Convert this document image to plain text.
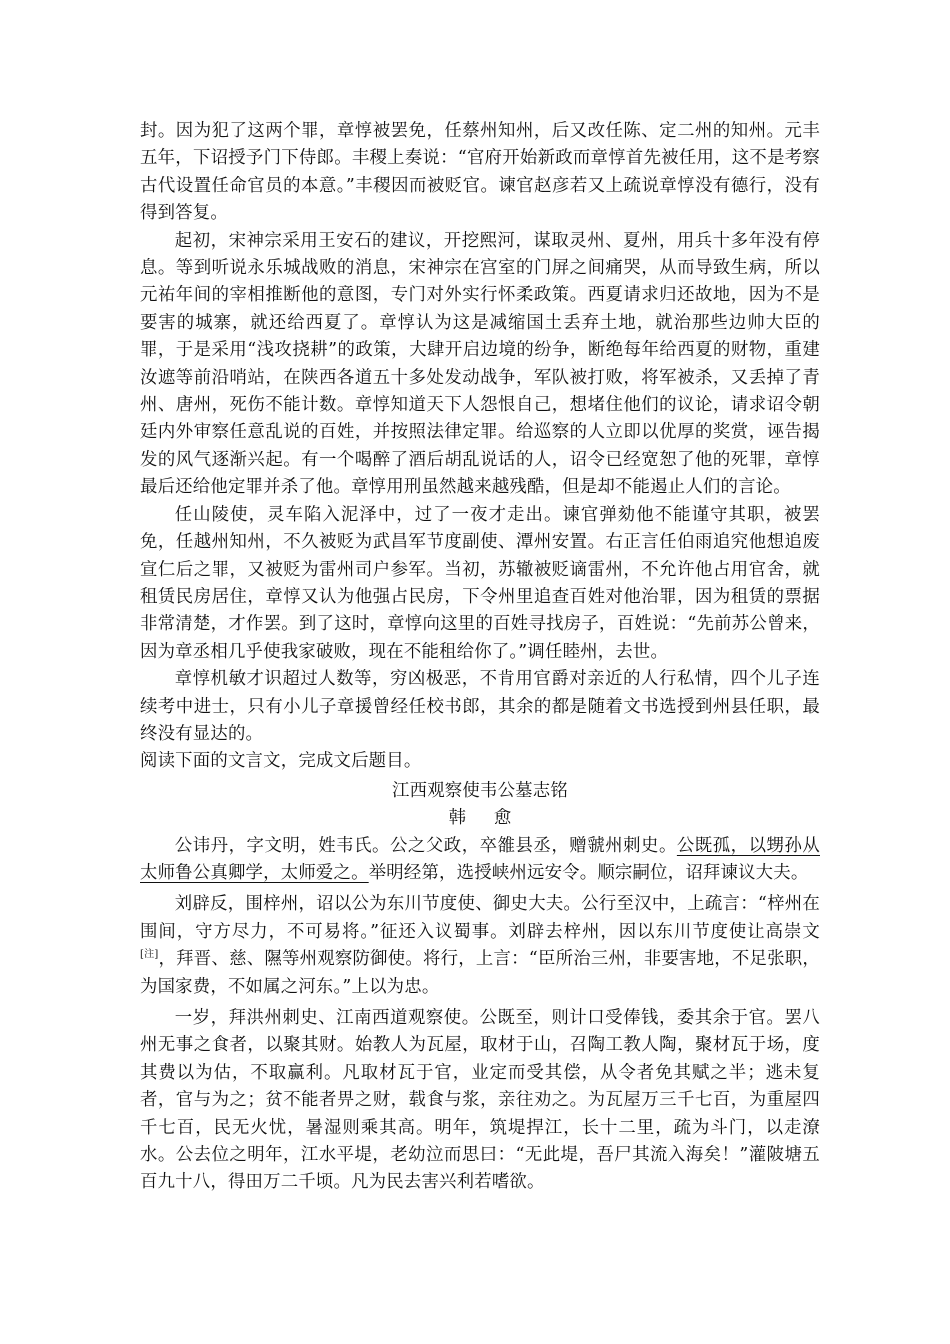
封。因为犯了这两个罪，章惇被罢免，任蔡州知州，后又改任陈、定二州的知州。元丰五年，下诏授予门下侍郎。丰稷上奏说：“官府开始新政而章惇首先被任用，这不是考察古代设置任命官员的本意。”丰稷因而被贬官。谏官赵彦若又上疏说章惇没有德行，没有得到答复。

起初，宋神宗采用王安石的建议，开挖熙河，谋取灵州、夏州，用兵十多年没有停息。等到听说永乐城战败的消息，宋神宗在宫室的门屏之间痛哭，从而导致生病，所以元祐年间的宰相推断他的意图，专门对外实行怀柔政策。西夏请求归还故地，因为不是要害的城寨，就还给西夏了。章惇认为这是减缩国土丢弃土地，就治那些边帅大臣的罪，于是采用“浅攻挠耕”的政策，大肆开启边境的纷争，断绝每年给西夏的财物，重建汝遮等前沿哨站，在陕西各道五十多处发动战争，军队被打败，将军被杀，又丢掉了青州、唐州，死伤不能计数。章惇知道天下人怨恨自己，想堵住他们的议论，请求诏令朝廷内外审察任意乱说的百姓，并按照法律定罪。给巡察的人立即以优厚的奖赏，诬告揭发的风气逐渐兴起。有一个喝醉了酒后胡乱说话的人，诏令已经宽恕了他的死罪，章惇最后还给他定罪并杀了他。章惇用刑虽然越来越残酷，但是却不能遏止人们的言论。

任山陵使，灵车陷入泥泽中，过了一夜才走出。谏官弹劾他不能谨守其职，被罢免，任越州知州，不久被贬为武昌军节度副使、潭州安置。右正言任伯雨追究他想追废宣仁后之罪，又被贬为雷州司户参军。当初，苏辙被贬谪雷州，不允许他占用官舍，就租赁民房居住，章惇又认为他强占民房，下令州里追查百姓对他治罪，因为租赁的票据非常清楚，才作罢。到了这时，章惇向这里的百姓寻找房子，百姓说：“先前苏公曾来，因为章丞相几乎使我家破败，现在不能租给你了。”调任睦州，去世。

章惇机敏才识超过人数等，穷凶极恶，不肯用官爵对亲近的人行私情，四个儿子连续考中进士，只有小儿子章援曾经任校书郎，其余的都是随着文书选授到州县任职，最终没有显达的。

阅读下面的文言文，完成文后题目。

江西观察使韦公墓志铭

韩愈

公讳丹，字文明，姓韦氏。公之父政，卒雒县丞，赠虢州刺史。公既孤，以甥孙从太师鲁公真卿学，太师爱之。举明经第，选授峡州远安令。顺宗嗣位，诏拜谏议大夫。

刘辟反，围梓州，诏以公为东川节度使、御史大夫。公行至汉中，上疏言：“梓州在围间，守方尽力，不可易将。”征还入议蜀事。刘辟去梓州，因以东川节度使让高崇文[注]，拜晋、慈、隰等州观察防御使。将行，上言：“臣所治三州，非要害地，不足张职，为国家费，不如属之河东。”上以为忠。

一岁，拜洪州刺史、江南西道观察使。公既至，则计口受俸钱，委其余于官。罢八州无事之食者，以聚其财。始教人为瓦屋，取材于山，召陶工教人陶，聚材瓦于场，度其费以为估，不取赢利。凡取材瓦于官，业定而受其偿，从令者免其赋之半；逃未复者，官与为之；贫不能者畀之财，载食与浆，亲往劝之。为瓦屋万三千七百，为重屋四千七百，民无火忧，暑湿则乘其高。明年，筑堤捍江，长十二里，疏为斗门，以走潦水。公去位之明年，江水平堤，老幼泣而思曰：“无此堤，吾尸其流入海矣！”灌陂塘五百九十八，得田万二千顷。凡为民去害兴利若嗜欲。
